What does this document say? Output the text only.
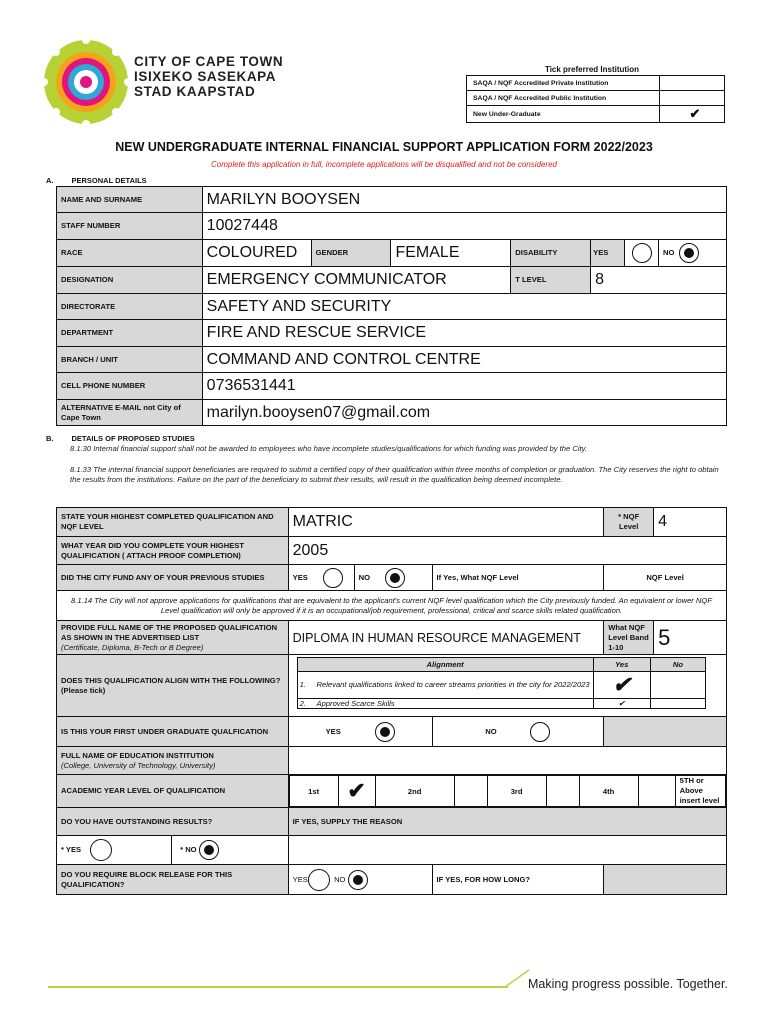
CITY OF CAPE TOWN
ISIXEKO SASEKAPA
STAD KAAPSTAD
Tick preferred Institution
SAQA / NQF Accredited Private Institution	
SAQA / NQF Accredited Public Institution	
New Under-Graduate	✔
NEW UNDERGRADUATE INTERNAL FINANCIAL SUPPORT APPLICATION FORM 2022/2023
Complete this application in full, incomplete applications will be disqualified and not be considered
A. PERSONAL DETAILS
NAME AND SURNAME	MARILYN BOOYSEN						
STAFF NUMBER	10027448						
RACE	COLOURED	GENDER	FEMALE	DISABILITY	YES		NO
DESIGNATION	EMERGENCY COMMUNICATOR			T LEVEL	8		
DIRECTORATE	SAFETY AND SECURITY						
DEPARTMENT	FIRE AND RESCUE SERVICE						
BRANCH / UNIT	COMMAND AND CONTROL CENTRE						
CELL PHONE NUMBER	0736531441						
ALTERNATIVE E-MAIL not City of Cape Town	marilyn.booysen07@gmail.com						
B. DETAILS OF PROPOSED STUDIES
8.1.30 Internal financial support shall not be awarded to employees who have incomplete studies/qualifications for which funding was provided by the City.
8.1.33 The internal financial support beneficiaries are required to submit a certified copy of their qualification within three months of completion or graduation. The City reserves the right to obtain the results from the institutions. Failure on the part of the beneficiary to submit their results, will result in the qualification being deemed incomplete.
STATE YOUR HIGHEST COMPLETED QUALIFICATION AND NQF LEVEL	MATRIC	* NQF Level	4
WHAT YEAR DID YOU COMPLETE YOUR HIGHEST QUALIFICATION ( ATTACH PROOF COMPLETION)	2005
DID THE CITY FUND ANY OF YOUR PREVIOUS STUDIES	YES	NO	If Yes, What NQF Level	NQF Level
8.1.14 The City will not approve applications for qualifications that are equivalent to the applicant's current NQF level qualification which the City previously funded. An equivalent or lower NQF Level qualification will only be approved if it is an occupational/job requirement, professional, critical and scarce skills related qualification.

PROVIDE FULL NAME OF THE PROPOSED QUALIFICATION AS SHOWN IN THE ADVERTISED LIST
(Certificate, Diploma, B-Tech or B Degree)
	DIPLOMA IN HUMAN RESOURCE MANAGEMENT	What NQF Level Band 1-10	5
DOES THIS QUALIFICATION ALIGN WITH THE FOLLOWING? (Please tick)	
Alignment	Yes	No
1. Relevant qualifications linked to career streams priorities in the city for 2022/2023	✔	
2. Approved Scarce Skills	✔	

IS THIS YOUR FIRST UNDER GRADUATE QUALFICATION	YES	NO	

FULL NAME OF EDUCATION INSTITUTION
(College, University of Technology, University)

ACADEMIC YEAR LEVEL OF QUALIFICATION		1st	✔	2nd		3rd		4th		5TH or Above insert level

DO YOU HAVE OUTSTANDING RESULTS?	IF YES, SUPPLY THE REASON
* YES	* NO	
DO YOU REQUIRE BLOCK RELEASE FOR THIS QUALIFICATION?	YES	NO	IF YES, FOR HOW LONG?	
Making progress possible. Together.
